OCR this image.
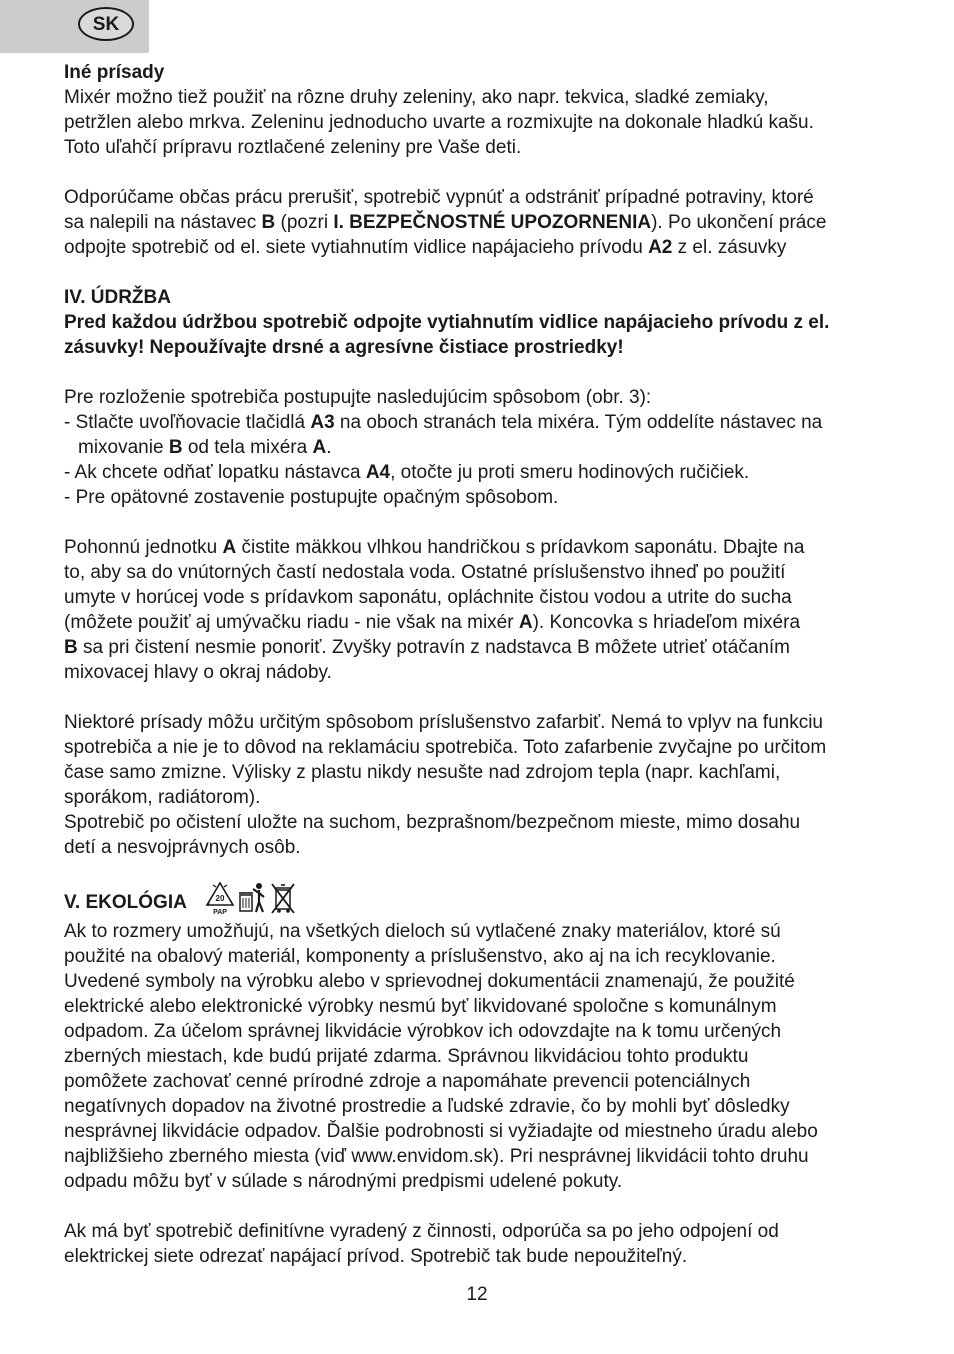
SK

Iné prísady

Mixér možno tiež použiť na rôzne druhy zeleniny, ako napr. tekvica, sladké zemiaky,

petržlen alebo mrkva. Zeleninu jednoducho uvarte a rozmixujte na dokonale hladkú kašu.

Toto uľahčí prípravu roztlačené zeleniny pre Vaše deti.

Odporúčame občas prácu prerušiť, spotrebič vypnúť a odstrániť prípadné potraviny, ktoré

sa nalepili na nástavec B (pozri I. BEZPEČNOSTNÉ UPOZORNENIA). Po ukončení práce

odpojte spotrebič od el. siete vytiahnutím vidlice napájacieho prívodu A2 z el. zásuvky

IV. ÚDRŽBA

Pred každou údržbou spotrebič odpojte vytiahnutím vidlice napájacieho prívodu z el.

zásuvky! Nepoužívajte drsné a agresívne čistiace prostriedky!

Pre rozloženie spotrebiča postupujte nasledujúcim spôsobom (obr. 3):

- Stlačte uvoľňovacie tlačidlá A3 na oboch stranách tela mixéra. Tým oddelíte nástavec na

mixovanie B od tela mixéra A.

- Ak chcete odňať lopatku nástavca A4, otočte ju proti smeru hodinových ručičiek.

- Pre opätovné zostavenie postupujte opačným spôsobom.

Pohonnú jednotku A čistite mäkkou vlhkou handričkou s prídavkom saponátu. Dbajte na

to, aby sa do vnútorných častí nedostala voda. Ostatné príslušenstvo ihneď po použití

umyte v horúcej vode s prídavkom saponátu, opláchnite čistou vodou a utrite do sucha

(môžete použiť aj umývačku riadu - nie však na mixér A). Koncovka s hriadeľom mixéra

B sa pri čistení nesmie ponoriť. Zvyšky potravín z nadstavca B môžete utrieť otáčaním

mixovacej hlavy o okraj nádoby.

Niektoré prísady môžu určitým spôsobom príslušenstvo zafarbiť. Nemá to vplyv na funkciu

spotrebiča a nie je to dôvod na reklamáciu spotrebiča. Toto zafarbenie zvyčajne po určitom

čase samo zmizne. Výlisky z plastu nikdy nesušte nad zdrojom tepla (napr. kachľami,

sporákom, radiátorom).

Spotrebič po očistení uložte na suchom, bezprašnom/bezpečnom mieste, mimo dosahu

detí a nesvojprávnych osôb.

V. EKOLÓGIA	20
PAP

Ak to rozmery umožňujú, na všetkých dieloch sú vytlačené znaky materiálov, ktoré sú

použité na obalový materiál, komponenty a príslušenstvo, ako aj na ich recyklovanie.

Uvedené symboly na výrobku alebo v sprievodnej dokumentácii znamenajú, že použité

elektrické alebo elektronické výrobky nesmú byť likvidované spoločne s komunálnym

odpadom. Za účelom správnej likvidácie výrobkov ich odovzdajte na k tomu určených

zberných miestach, kde budú prijaté zdarma. Správnou likvidáciou tohto produktu

pomôžete zachovať cenné prírodné zdroje a napomáhate prevencii potenciálnych

negatívnych dopadov na životné prostredie a ľudské zdravie, čo by mohli byť dôsledky

nesprávnej likvidácie odpadov. Ďalšie podrobnosti si vyžiadajte od miestneho úradu alebo

najbližšieho zberného miesta (viď www.envidom.sk). Pri nesprávnej likvidácii tohto druhu

odpadu môžu byť v súlade s národnými predpismi udelené pokuty.

Ak má byť spotrebič definitívne vyradený z činnosti, odporúča sa po jeho odpojení od

elektrickej siete odrezať napájací prívod. Spotrebič tak bude nepoužiteľný.

12
